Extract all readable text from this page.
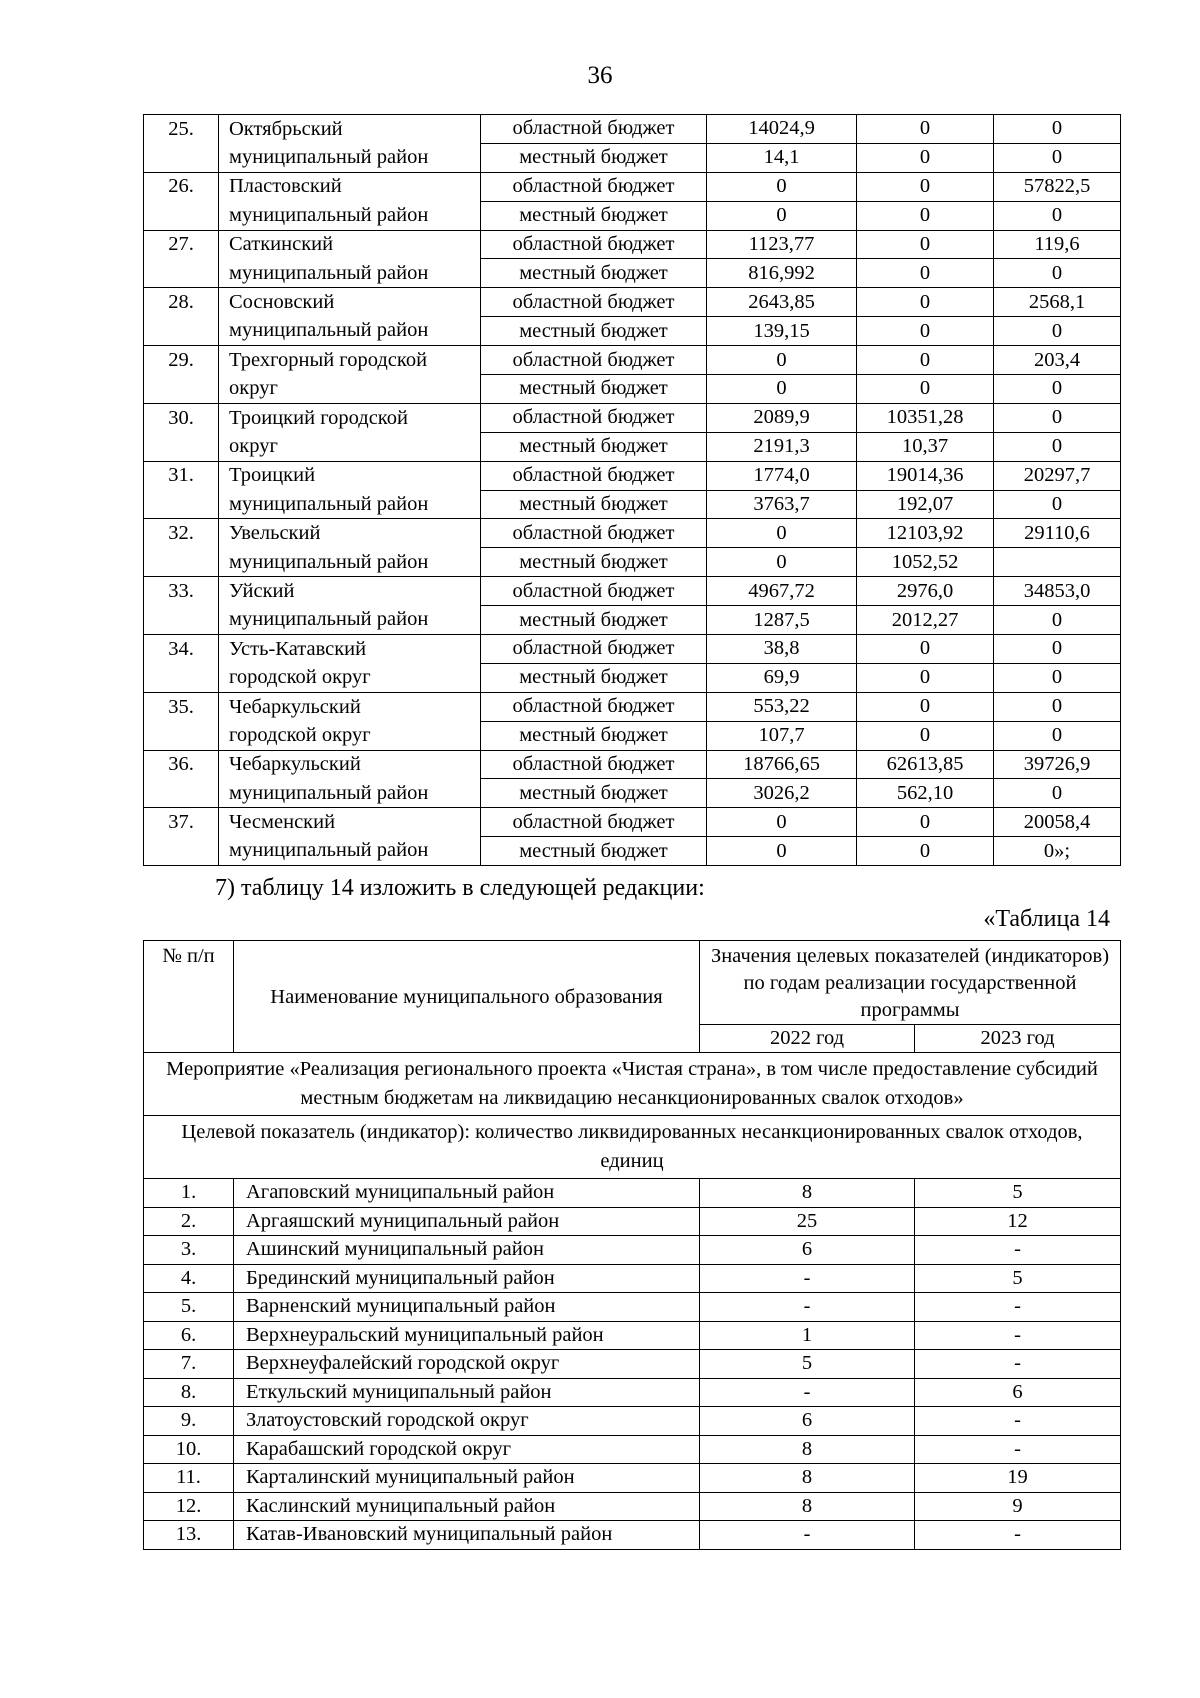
36
25.	Октябрьский	областной бюджет	14024,9	0	0
	муниципальный район	местный бюджет	14,1	0	0
26.	Пластовский	областной бюджет	0	0	57822,5
	муниципальный район	местный бюджет	0	0	0
27.	Саткинский	областной бюджет	1123,77	0	119,6
	муниципальный район	местный бюджет	816,992	0	0
28.	Сосновский	областной бюджет	2643,85	0	2568,1
	муниципальный район	местный бюджет	139,15	0	0
29.	Трехгорный городской	областной бюджет	0	0	203,4
	округ	местный бюджет	0	0	0
30.	Троицкий городской	областной бюджет	2089,9	10351,28	0
	округ	местный бюджет	2191,3	10,37	0
31.	Троицкий	областной бюджет	1774,0	19014,36	20297,7
	муниципальный район	местный бюджет	3763,7	192,07	0
32.	Увельский	областной бюджет	0	12103,92	29110,6
	муниципальный район	местный бюджет	0	1052,52	
33.	Уйский	областной бюджет	4967,72	2976,0	34853,0
	муниципальный район	местный бюджет	1287,5	2012,27	0
34.	Усть-Катавский	областной бюджет	38,8	0	0
	городской округ	местный бюджет	69,9	0	0
35.	Чебаркульский	областной бюджет	553,22	0	0
	городской округ	местный бюджет	107,7	0	0
36.	Чебаркульский	областной бюджет	18766,65	62613,85	39726,9
	муниципальный район	местный бюджет	3026,2	562,10	0
37.	Чесменский	областной бюджет	0	0	20058,4
	муниципальный район	местный бюджет	0	0	0»;
7) таблицу 14 изложить в следующей редакции:
«Таблица 14
№ п/п	Наименование муниципального образования	Значения целевых показателей (индикаторов) по годам реализации государственной программы	
		2022 год	2023 год
Мероприятие «Реализация регионального проекта «Чистая страна», в том числе предоставление субсидий местным бюджетам на ликвидацию несанкционированных свалок отходов»			
Целевой показатель (индикатор): количество ликвидированных несанкционированных свалок отходов, единиц			
1.	Агаповский муниципальный район	8	5
2.	Аргаяшский муниципальный район	25	12
3.	Ашинский муниципальный район	6	-
4.	Брединский муниципальный район	-	5
5.	Варненский муниципальный район	-	-
6.	Верхнеуральский муниципальный район	1	-
7.	Верхнеуфалейский городской округ	5	-
8.	Еткульский муниципальный район	-	6
9.	Златоустовский городской округ	6	-
10.	Карабашский городской округ	8	-
11.	Карталинский муниципальный район	8	19
12.	Каслинский муниципальный район	8	9
13.	Катав-Ивановский муниципальный район	-	-
